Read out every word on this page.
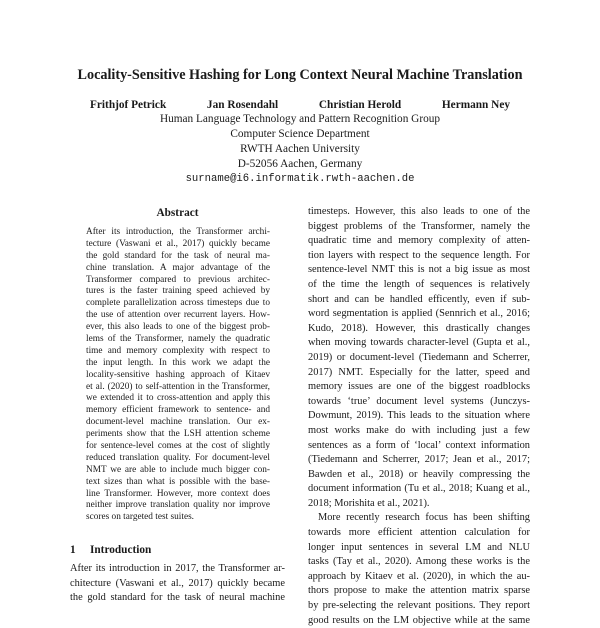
Locality-Sensitive Hashing for Long Context Neural Machine Translation
Frithjof Petrick	Jan Rosendahl	Christian Herold	Hermann Ney
Human Language Technology and Pattern Recognition Group
Computer Science Department
RWTH Aachen University
D-52056 Aachen, Germany
surname@i6.informatik.rwth-aachen.de
Abstract
After its introduction, the Transformer archi-
tecture (Vaswani et al., 2017) quickly became
the gold standard for the task of neural ma-
chine translation. A major advantage of the
Transformer compared to previous architec-
tures is the faster training speed achieved by
complete parallelization across timesteps due to
the use of attention over recurrent layers. How-
ever, this also leads to one of the biggest prob-
lems of the Transformer, namely the quadratic
time and memory complexity with respect to
the input length. In this work we adapt the
locality-sensitive hashing approach of Kitaev
et al. (2020) to self-attention in the Transformer,
we extended it to cross-attention and apply this
memory efficient framework to sentence- and
document-level machine translation. Our ex-
periments show that the LSH attention scheme
for sentence-level comes at the cost of slightly
reduced translation quality. For document-level
NMT we are able to include much bigger con-
text sizes than what is possible with the base-
line Transformer. However, more context does
neither improve translation quality nor improve
scores on targeted test suites.
1 Introduction
After its introduction in 2017, the Transformer ar-
chitecture (Vaswani et al., 2017) quickly became
the gold standard for the task of neural machine
timesteps. However, this also leads to one of the
biggest problems of the Transformer, namely the
quadratic time and memory complexity of atten-
tion layers with respect to the sequence length. For
sentence-level NMT this is not a big issue as most
of the time the length of sequences is relatively
short and can be handled efficently, even if sub-
word segmentation is applied (Sennrich et al., 2016;
Kudo, 2018). However, this drastically changes
when moving towards character-level (Gupta et al.,
2019) or document-level (Tiedemann and Scherrer,
2017) NMT. Especially for the latter, speed and
memory issues are one of the biggest roadblocks
towards ‘true’ document level systems (Junczys-
Dowmunt, 2019). This leads to the situation where
most works make do with including just a few
sentences as a form of ‘local’ context information
(Tiedemann and Scherrer, 2017; Jean et al., 2017;
Bawden et al., 2018) or heavily compressing the
document information (Tu et al., 2018; Kuang et al.,
2018; Morishita et al., 2021).
More recently research focus has been shifting
towards more efficient attention calculation for
longer input sentences in several LM and NLU
tasks (Tay et al., 2020). Among these works is the
approach by Kitaev et al. (2020), in which the au-
thors propose to make the attention matrix sparse
by pre-selecting the relevant positions. They report
good results on the LM objective while at the same
